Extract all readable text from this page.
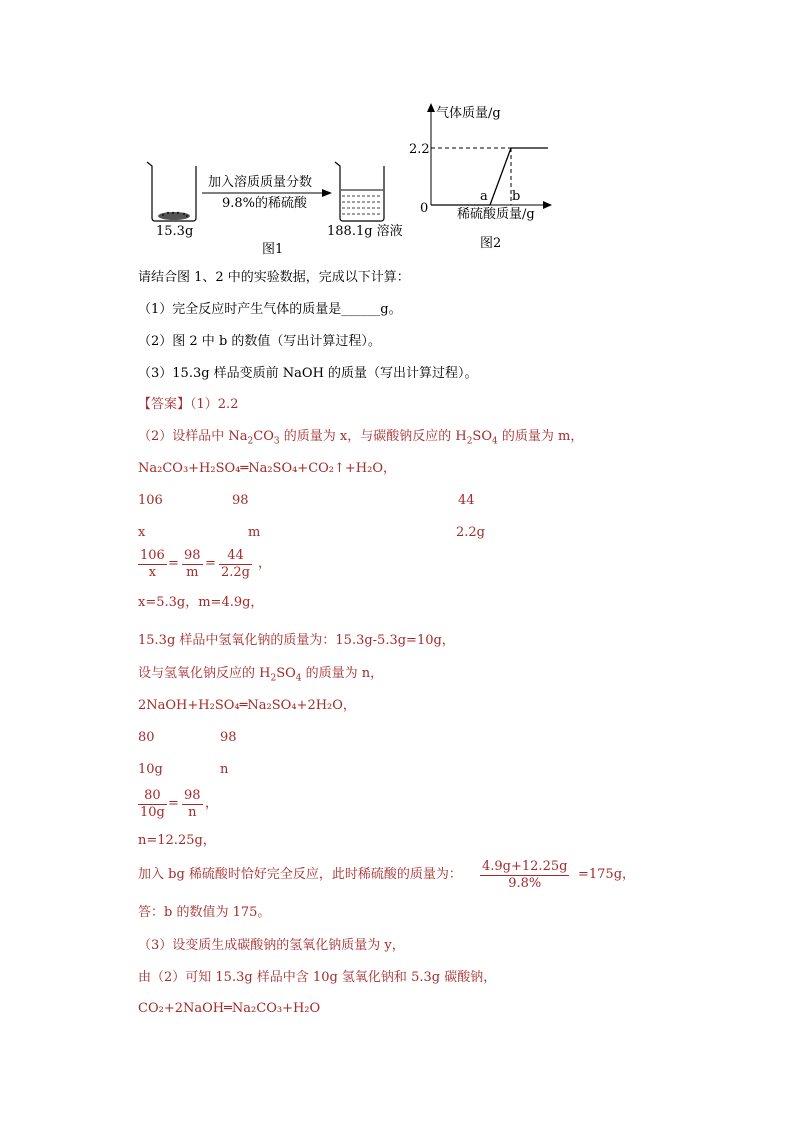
加入溶质质量分数
9.8%的稀硫酸
15.3g	188.1g 溶液
图1
气体质量/g
2.2
0
a b
稀硫酸质量/g
图2
请结合图 1、2 中的实验数据，完成以下计算：
（1）完全反应时产生气体的质量是______g。
（2）图 2 中 b 的数值（写出计算过程）。
（3）15.3g 样品变质前 NaOH 的质量（写出计算过程）。
【答案】（1）2.2
（2）设样品中 $Na_2CO_3$ 的质量为 x，与碳酸钠反应的 $H_2SO_4$ 的质量为 m，
Na₂CO₃+H₂SO₄═Na₂SO₄+CO₂↑+H₂O，
106	98	44
x	m	2.2g
$\frac{106}{x} = \frac{98}{m} = \frac{44}{2.2g}$ ，
x=5.3g，m=4.9g，
15.3g 样品中氢氧化钠的质量为：15.3g-5.3g=10g，
设与氢氧化钠反应的 $H_2SO_4$ 的质量为 n，
2NaOH+H₂SO₄═Na₂SO₄+2H₂O，
80	98
10g	n
$\frac{80}{10g} = \frac{98}{n}$ ，
n=12.25g，
加入 bg 稀硫酸时恰好完全反应，此时稀硫酸的质量为： $\frac{4.9g+12.25g}{9.8\%} =175g$，
答：b 的数值为 175。
（3）设变质生成碳酸钠的氢氧化钠质量为 y，
由（2）可知 15.3g 样品中含 10g 氢氧化钠和 5.3g 碳酸钠，
CO₂+2NaOH═Na₂CO₃+H₂O
